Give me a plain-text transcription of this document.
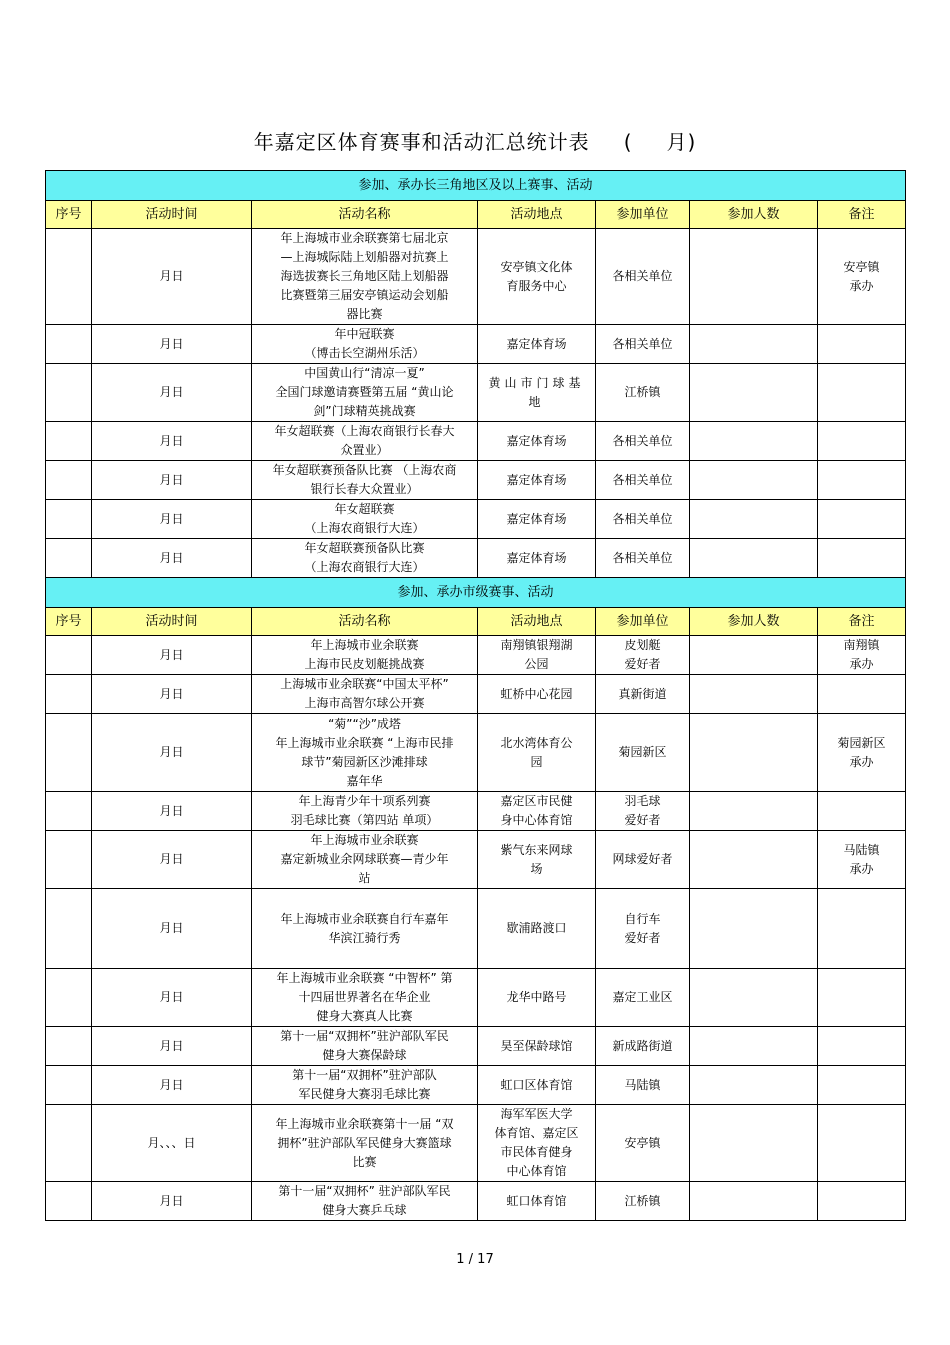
年嘉定区体育赛事和活动汇总统计表 ( 月)
参加、承办长三角地区及以上赛事、活动						
序号	活动时间	活动名称	活动地点	参加单位	参加人数	备注
	月日	年上海城市业余联赛第七届北京
—上海城际陆上划船器对抗赛上
海选拔赛长三角地区陆上划船器
比赛暨第三届安亭镇运动会划船
器比赛	安亭镇文化体
育服务中心	各相关单位		安亭镇
承办
	月日	年中冠联赛
（博击长空湖州乐活）	嘉定体育场	各相关单位		
	月日	中国黄山行“清凉一夏”
全国门球邀请赛暨第五届 “黄山论
剑”门球精英挑战赛	黄山市门球基
地	江桥镇		
	月日	年女超联赛（上海农商银行长春大
众置业）	嘉定体育场	各相关单位		
	月日	年女超联赛预备队比赛 （上海农商
银行长春大众置业）	嘉定体育场	各相关单位		
	月日	年女超联赛
（上海农商银行大连）	嘉定体育场	各相关单位		
	月日	年女超联赛预备队比赛
（上海农商银行大连）	嘉定体育场	各相关单位		
参加、承办市级赛事、活动						
序号	活动时间	活动名称	活动地点	参加单位	参加人数	备注
	月日	年上海城市业余联赛
上海市民皮划艇挑战赛	南翔镇银翔湖
公园	皮划艇
爱好者		南翔镇
承办
	月日	上海城市业余联赛“中国太平杯”
上海市高智尔球公开赛	虹桥中心花园	真新街道		
	月日	“菊”“沙”成塔
年上海城市业余联赛 “上海市民排
球节”菊园新区沙滩排球
嘉年华	北水湾体育公
园	菊园新区		菊园新区
承办
	月日	年上海青少年十项系列赛
羽毛球比赛（第四站 单项）	嘉定区市民健
身中心体育馆	羽毛球
爱好者		
	月日	年上海城市业余联赛
嘉定新城业余网球联赛—青少年
站	紫气东来网球
场	网球爱好者		马陆镇
承办
	月日	年上海城市业余联赛自行车嘉年
华滨江骑行秀	歇浦路渡口	自行车
爱好者		
	月日	年上海城市业余联赛 “中智杯” 第
十四届世界著名在华企业
健身大赛真人比赛	龙华中路号	嘉定工业区		
	月日	第十一届“双拥杯”驻沪部队军民
健身大赛保龄球	昊至保龄球馆	新成路街道		
	月日	第十一届“双拥杯”驻沪部队
军民健身大赛羽毛球比赛	虹口区体育馆	马陆镇		
	月、、、日	年上海城市业余联赛第十一届 “双
拥杯”驻沪部队军民健身大赛篮球
比赛	海军军医大学
体育馆、嘉定区
市民体育健身
中心体育馆	安亭镇		
	月日	第十一届“双拥杯” 驻沪部队军民
健身大赛乒乓球	虹口体育馆	江桥镇		
1 / 17
